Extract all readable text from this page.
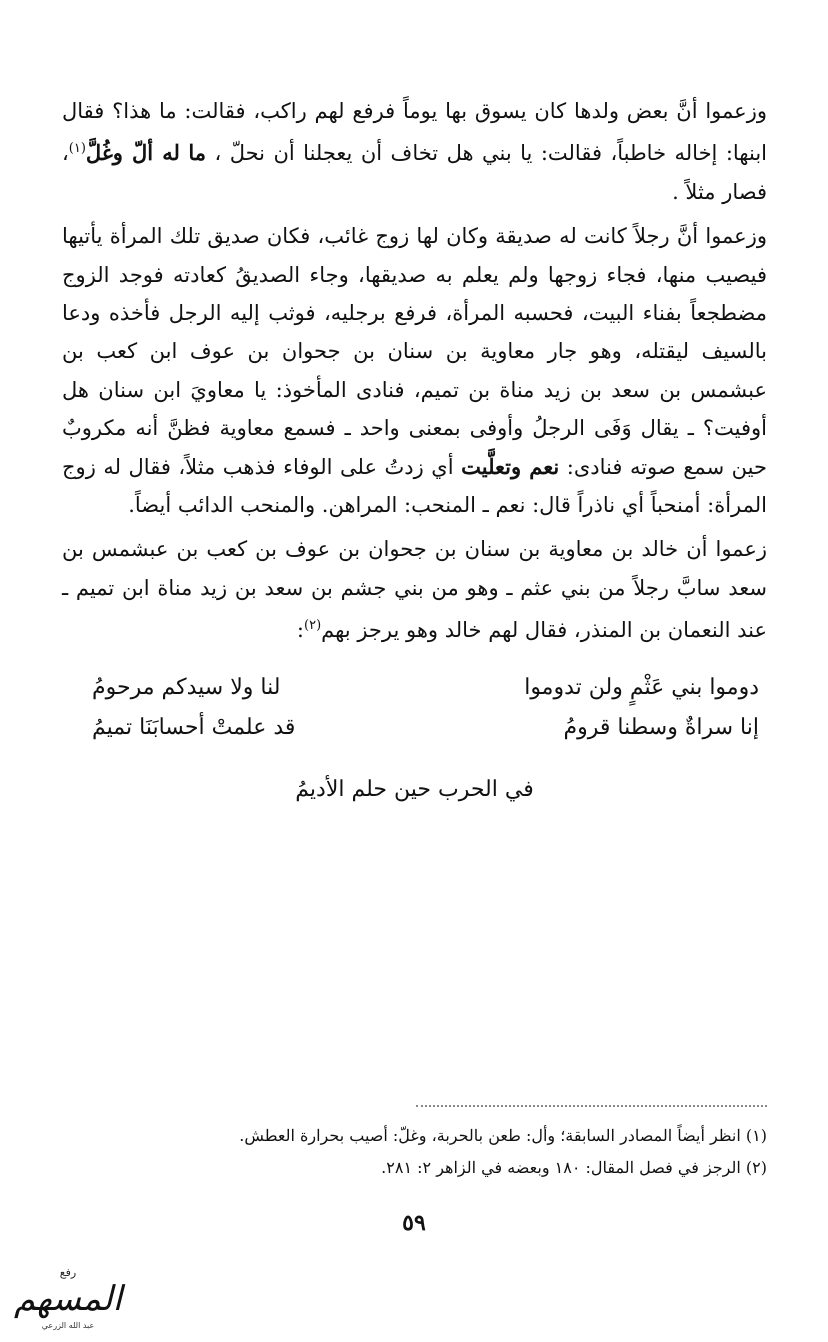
وزعموا أنَّ بعض ولدها كان يسوق بها يوماً فرفع لهم راكب، فقالت: ما هذا؟ فقال ابنها: إخاله خاطباً، فقالت: يا بني هل تخاف أن يعجلنا أن نحلّ ، ما له ألّ وغُلَّ$^{(١)}$، فصار مثلاً .

وزعموا أنَّ رجلاً كانت له صديقة وكان لها زوج غائب، فكان صديق تلك المرأة يأتيها فيصيب منها، فجاء زوجها ولم يعلم به صديقها، وجاء الصديقُ كعادته فوجد الزوج مضطجعاً بفناء البيت، فحسبه المرأة، فرفع برجليه، فوثب إليه الرجل فأخذه ودعا بالسيف ليقتله، وهو جار معاوية بن سنان بن جحوان بن عوف ابن كعب بن عبشمس بن سعد بن زيد مناة بن تميم، فنادى المأخوذ: يا معاويَ ابن سنان هل أوفيت؟ ـ يقال وَفَى الرجلُ وأوفى بمعنى واحد ـ فسمع معاوية فظنَّ أنه مكروبٌ حين سمع صوته فنادى: نعم وتعلَّيت أي زدتُ على الوفاء فذهب مثلاً، فقال له زوج المرأة: أمنحباً أي ناذراً قال: نعم ـ المنحب: المراهن. والمنحب الدائب أيضاً.

زعموا أن خالد بن معاوية بن سنان بن جحوان بن عوف بن كعب بن عبشمس بن سعد سابَّ رجلاً من بني عثم ـ وهو من بني جشم بن سعد بن زيد مناة ابن تميم ـ عند النعمان بن المنذر، فقال لهم خالد وهو يرجز بهم$^{(٢)}$:

دوموا بني عَثْمٍ ولن تدوموا
لنا ولا سيدكم مرحومُ
إنا سراةٌ وسطنا قرومُ
قد علمتْ أحسابَنَا تميمُ
في الحرب حين حلم الأديمُ
(١) انظر أيضاً المصادر السابقة؛ وأل: طعن بالحربة، وغلّ: أصيب بحرارة العطش.
(٢) الرجز في فصل المقال: ١٨٠ وبعضه في الزاهر ٢: ٢٨١.
٥٩
رفع
المسهم
عبد الله الزرعي
